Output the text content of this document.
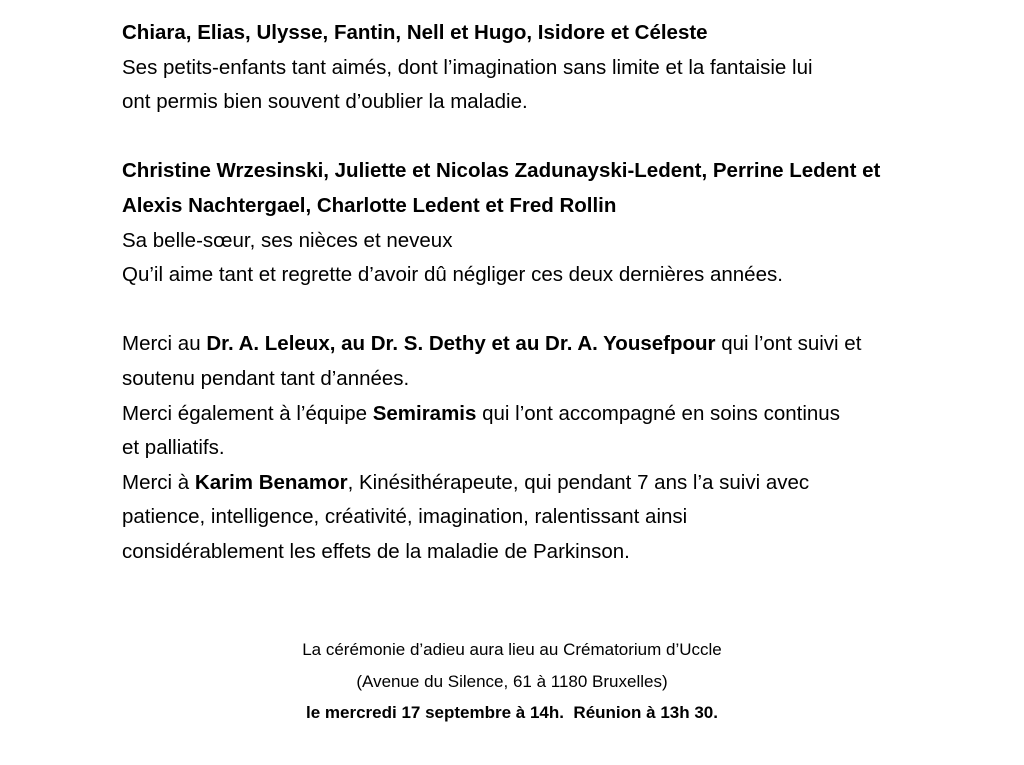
Chiara, Elias, Ulysse, Fantin, Nell et Hugo, Isidore et Céleste
Ses petits-enfants tant aimés, dont l’imagination sans limite et la fantaisie lui
ont permis bien souvent d’oublier la maladie.
Christine Wrzesinski, Juliette et Nicolas Zadunayski-Ledent, Perrine Ledent et
Alexis Nachtergael, Charlotte Ledent et Fred Rollin
Sa belle-sœur, ses nièces et neveux
Qu’il aime tant et regrette d’avoir dû négliger ces deux dernières années.
Merci au Dr. A. Leleux, au Dr. S. Dethy et au Dr. A. Yousefpour qui l’ont suivi et
soutenu pendant tant d’années.
Merci également à l’équipe Semiramis qui l’ont accompagné en soins continus
et palliatifs.
Merci à Karim Benamor, Kinésithérapeute, qui pendant 7 ans l’a suivi avec
patience, intelligence, créativité, imagination, ralentissant ainsi
considérablement les effets de la maladie de Parkinson.
La cérémonie d’adieu aura lieu au Crématorium d’Uccle
(Avenue du Silence, 61 à 1180 Bruxelles)
le mercredi 17 septembre à 14h.  Réunion à 13h 30.
